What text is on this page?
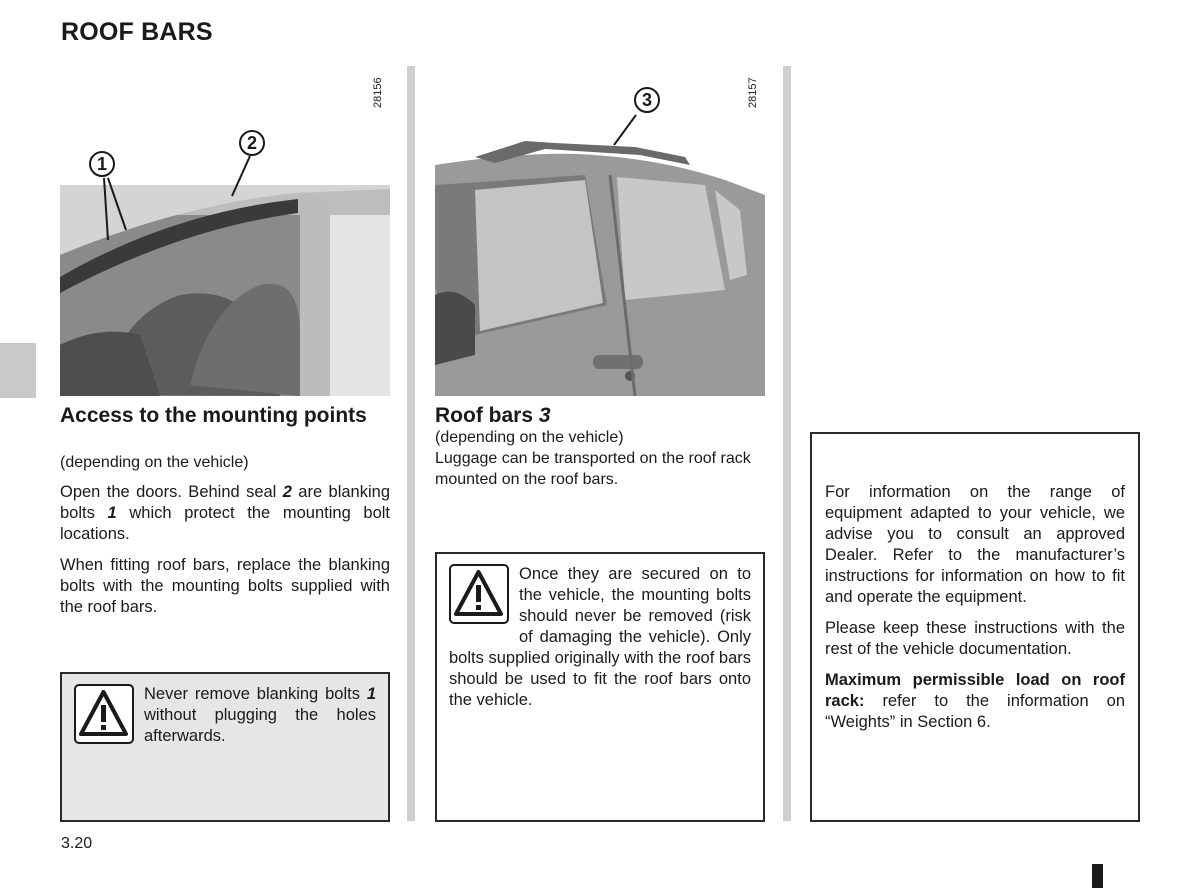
ROOF BARS
1
2
28156
Access to the mounting points
(depending on the vehicle)

Open the doors. Behind seal 2 are blanking bolts 1 which protect the mounting bolt locations.

When fitting roof bars, replace the blanking bolts with the mounting bolts supplied with the roof bars.

Never remove blanking bolts 1 without plugging the holes afterwards.
3	28157
Roof bars 3
(depending on the vehicle)
Luggage can be transported on the roof rack mounted on the roof bars.
Once they are secured on to the vehicle, the mounting bolts should never be removed (risk of damaging the vehicle). Only bolts supplied originally with the roof bars should be used to fit the roof bars onto the vehicle.

For information on the range of equipment adapted to your vehicle, we advise you to consult an approved Dealer. Refer to the manufacturer’s instructions for information on how to fit and operate the equipment.

Please keep these instructions with the rest of the vehicle documentation.

Maximum permissible load on roof rack: refer to the information on “Weights” in Section 6.

3.20
